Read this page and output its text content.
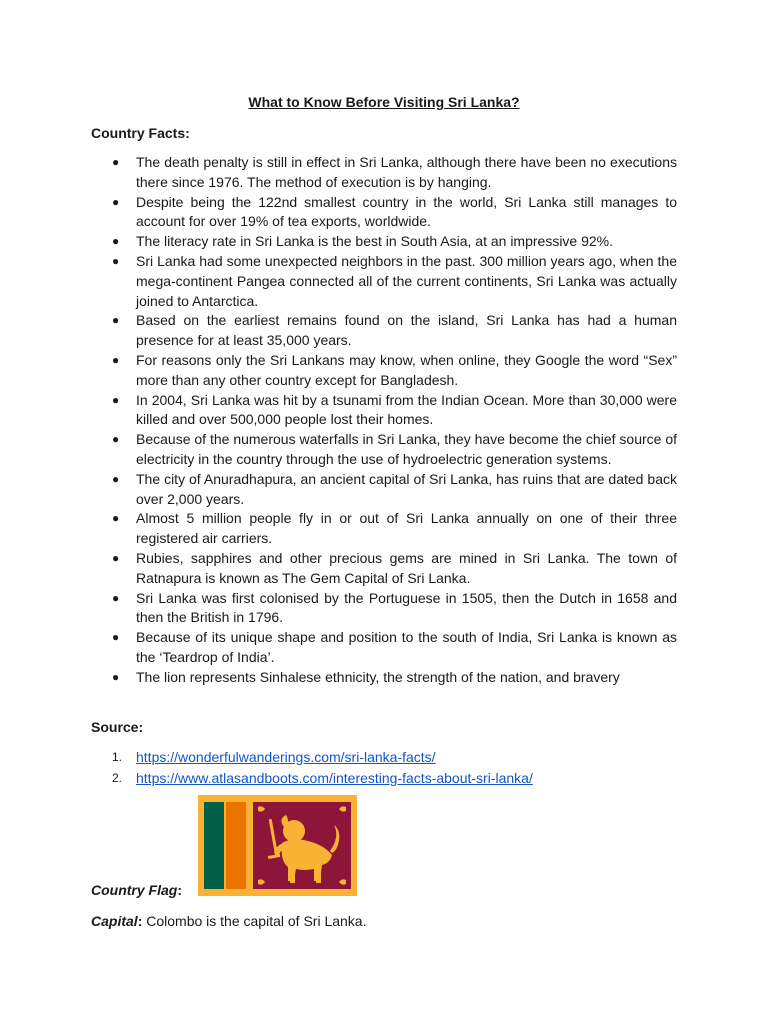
What to Know Before Visiting Sri Lanka?
Country Facts:
● The death penalty is still in effect in Sri Lanka, although there have been no executions there since 1976. The method of execution is by hanging.
● Despite being the 122nd smallest country in the world, Sri Lanka still manages to account for over 19% of tea exports, worldwide.
● The literacy rate in Sri Lanka is the best in South Asia, at an impressive 92%.
● Sri Lanka had some unexpected neighbors in the past. 300 million years ago, when the mega-continent Pangea connected all of the current continents, Sri Lanka was actually joined to Antarctica.
● Based on the earliest remains found on the island, Sri Lanka has had a human presence for at least 35,000 years.
● For reasons only the Sri Lankans may know, when online, they Google the word “Sex” more than any other country except for Bangladesh.
● In 2004, Sri Lanka was hit by a tsunami from the Indian Ocean. More than 30,000 were killed and over 500,000 people lost their homes.
● Because of the numerous waterfalls in Sri Lanka, they have become the chief source of electricity in the country through the use of hydroelectric generation systems.
● The city of Anuradhapura, an ancient capital of Sri Lanka, has ruins that are dated back over 2,000 years.
● Almost 5 million people fly in or out of Sri Lanka annually on one of their three registered air carriers.
● Rubies, sapphires and other precious gems are mined in Sri Lanka. The town of Ratnapura is known as The Gem Capital of Sri Lanka.
● Sri Lanka was first colonised by the Portuguese in 1505, then the Dutch in 1658 and then the British in 1796.
● Because of its unique shape and position to the south of India, Sri Lanka is known as the ‘Teardrop of India’.
● The lion represents Sinhalese ethnicity, the strength of the nation, and bravery
Source:
1. https://wonderfulwanderings.com/sri-lanka-facts/
2. https://www.atlasandboots.com/interesting-facts-about-sri-lanka/
Country Flag:
Capital: Colombo is the capital of Sri Lanka.
